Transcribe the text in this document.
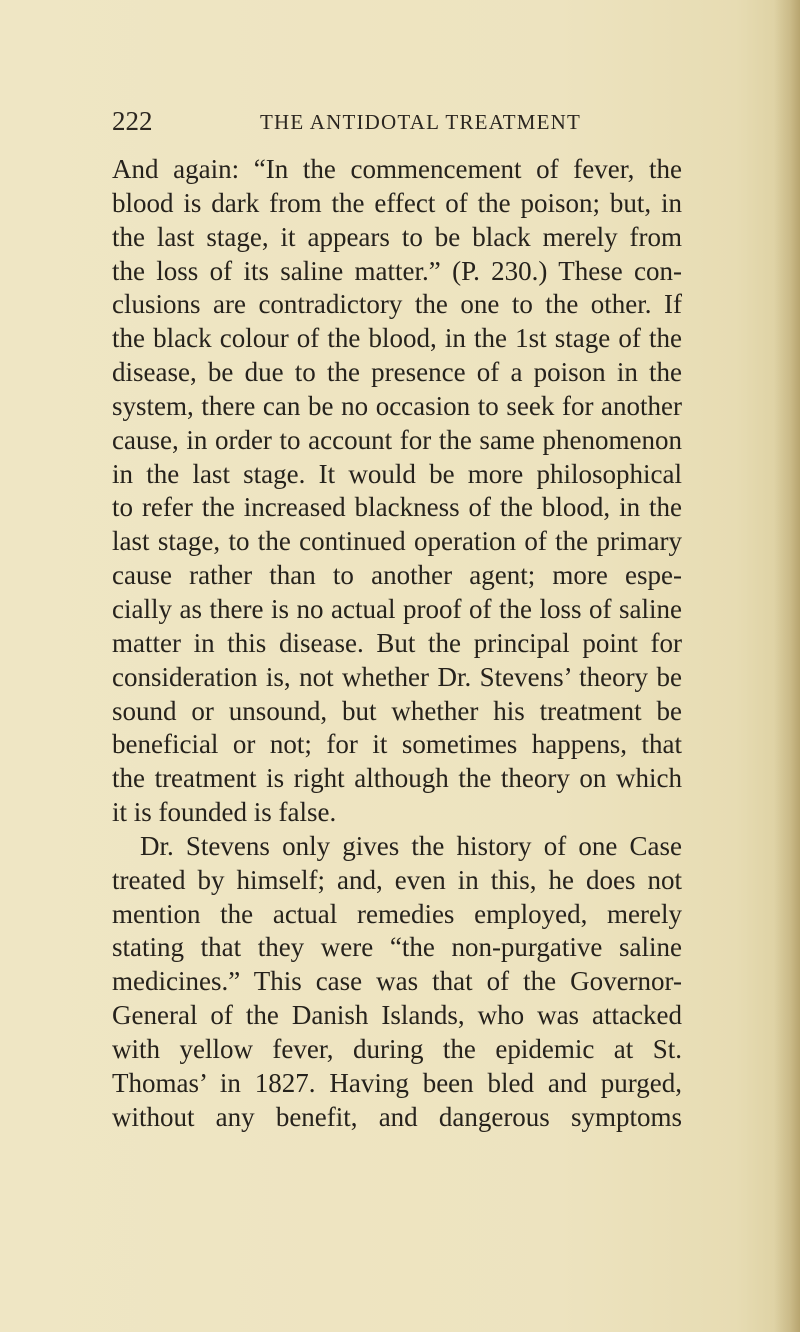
222	THE ANTIDOTAL TREATMENT
And again: “In the commencement of fever, the
blood is dark from the effect of the poison; but, in
the last stage, it appears to be black merely from
the loss of its saline matter.” (P. 230.) These con-
clusions are contradictory the one to the other. If
the black colour of the blood, in the 1st stage of the
disease, be due to the presence of a poison in the
system, there can be no occasion to seek for another
cause, in order to account for the same phenomenon
in the last stage. It would be more philosophical
to refer the increased blackness of the blood, in the
last stage, to the continued operation of the primary
cause rather than to another agent; more espe-
cially as there is no actual proof of the loss of saline
matter in this disease. But the principal point for
consideration is, not whether Dr. Stevens’ theory be
sound or unsound, but whether his treatment be
beneficial or not; for it sometimes happens, that
the treatment is right although the theory on which
it is founded is false.
Dr. Stevens only gives the history of one Case
treated by himself; and, even in this, he does not
mention the actual remedies employed, merely
stating that they were “the non-purgative saline
medicines.” This case was that of the Governor-
General of the Danish Islands, who was attacked
with yellow fever, during the epidemic at St.
Thomas’ in 1827. Having been bled and purged,
without any benefit, and dangerous symptoms
